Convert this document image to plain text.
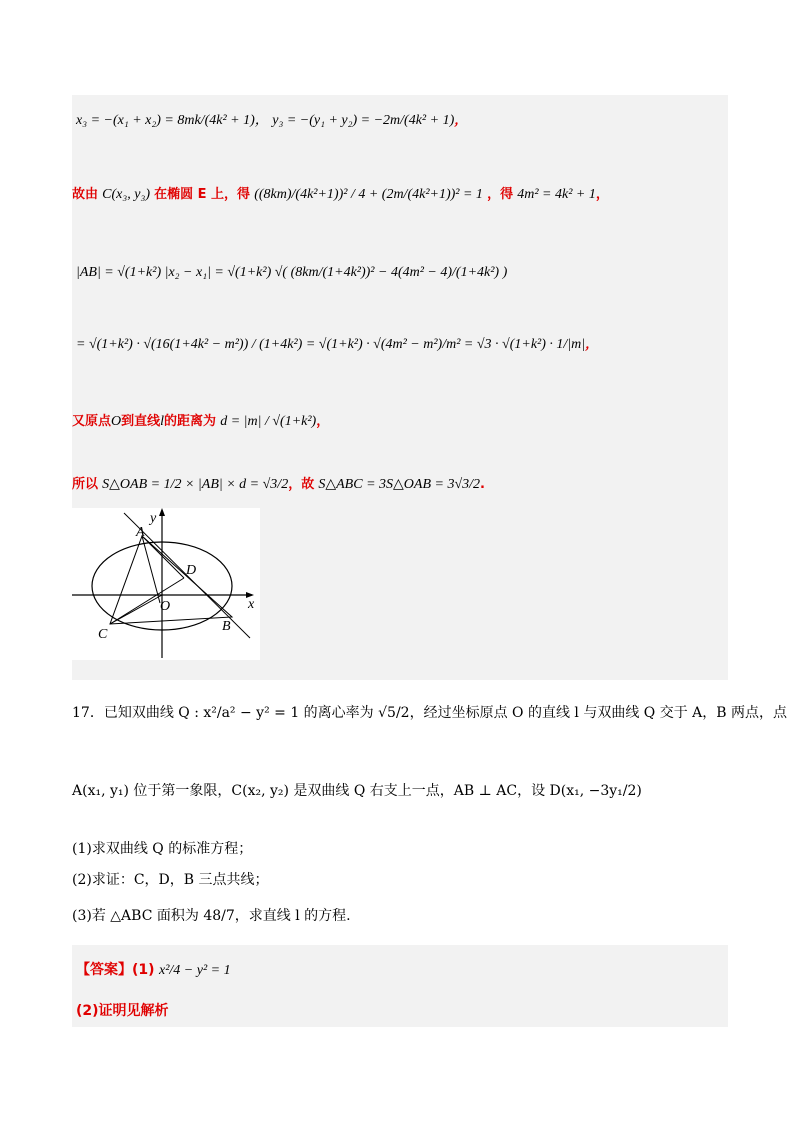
x₃ = −(x₁ + x₂) = 8mk/(4k² + 1)， y₃ = −(y₁ + y₂) = −2m/(4k² + 1)，
故由 C(x₃, y₃) 在椭圆 E 上，得 ((8km)/(4k²+1))² / 4 + (2m/(4k²+1))² = 1 ，得 4m² = 4k² + 1，
|AB| = √(1+k²) |x₂ − x₁| = √(1+k²) √( (8km/(1+4k²))² − 4(4m² − 4)/(1+4k²) )
= √(1+k²) · √(16(1+4k² − m²)) / (1+4k²) = √(1+k²) · √(4m² − m²)/m² = √3 · √(1+k²) · 1/|m|，
又原点O到直线l的距离为 d = |m| / √(1+k²)，
所以 S△OAB = 1/2 × |AB| × d = √3/2，故 S△ABC = 3S△OAB = 3√3/2.
y
x
A
B
C
D
O
17．已知双曲线 Q : x²/a² − y² = 1 的离心率为 √5/2，经过坐标原点 O 的直线 l 与双曲线 Q 交于 A，B 两点，点
A(x₁, y₁) 位于第一象限，C(x₂, y₂) 是双曲线 Q 右支上一点，AB ⊥ AC，设 D(x₁, −3y₁/2)
(1)求双曲线 Q 的标准方程；
(2)求证：C，D，B 三点共线；
(3)若 △ABC 面积为 48/7，求直线 l 的方程.
【答案】(1) x²/4 − y² = 1
(2)证明见解析
